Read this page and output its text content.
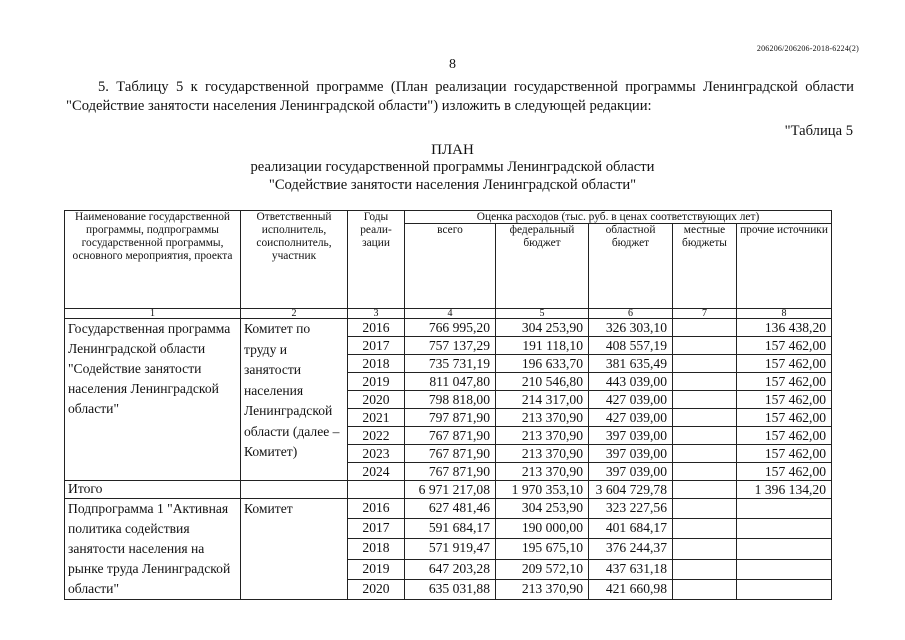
206206/206206-2018-6224(2)
8
5. Таблицу 5 к государственной программе (План реализации государственной программы Ленинградской области "Содействие занятости населения Ленинградской области") изложить в следующей редакции:
"Таблица 5
ПЛАН
реализации государственной программы Ленинградской области
"Содействие занятости населения Ленинградской области"
Наименование государственной программы, подпрограммы государственной программы, основного мероприятия, проекта	Ответственный исполнитель, соисполнитель, участник	Годы реали-зации	Оценка расходов (тыс. руб. в ценах соответствующих лет)				
			всего	федеральный бюджет	областной бюджет	местные бюджеты	прочие источники
1	2	3	4	5	6	7	8
Государственная программа Ленинградской области "Содействие занятости населения Ленинградской области"	Комитет по труду и занятости населения Ленинградской области (далее – Комитет)	2016	766 995,20	304 253,90	326 303,10		136 438,20
		2017	757 137,29	191 118,10	408 557,19		157 462,00
		2018	735 731,19	196 633,70	381 635,49		157 462,00
		2019	811 047,80	210 546,80	443 039,00		157 462,00
		2020	798 818,00	214 317,00	427 039,00		157 462,00
		2021	797 871,90	213 370,90	427 039,00		157 462,00
		2022	767 871,90	213 370,90	397 039,00		157 462,00
		2023	767 871,90	213 370,90	397 039,00		157 462,00
		2024	767 871,90	213 370,90	397 039,00		157 462,00
Итого			6 971 217,08	1 970 353,10	3 604 729,78		1 396 134,20
Подпрограмма 1 "Активная политика содействия занятости населения на рынке труда Ленинградской области"	Комитет	2016	627 481,46	304 253,90	323 227,56		
		2017	591 684,17	190 000,00	401 684,17		
		2018	571 919,47	195 675,10	376 244,37		
		2019	647 203,28	209 572,10	437 631,18		
		2020	635 031,88	213 370,90	421 660,98		
